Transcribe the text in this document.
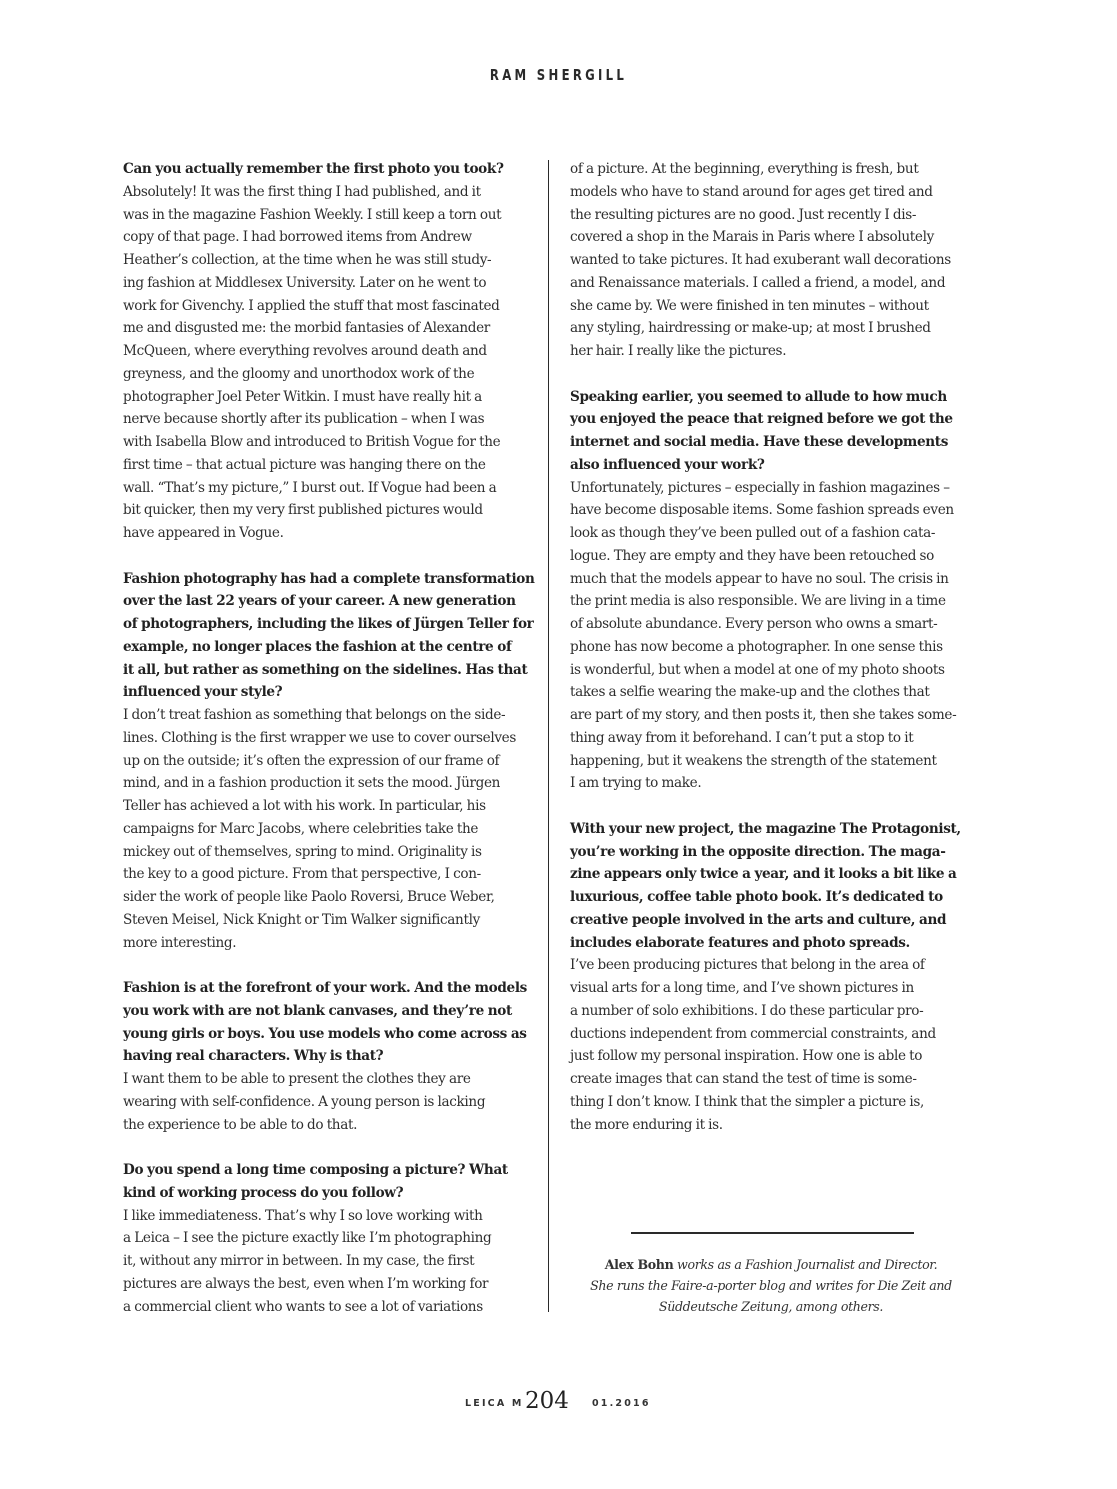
RAM SHERGILL
Can you actually remember the first photo you took?
Absolutely! It was the first thing I had published, and it
was in the magazine Fashion Weekly. I still keep a torn out
copy of that page. I had borrowed items from Andrew
Heather’s collection, at the time when he was still study-
ing fashion at Middlesex University. Later on he went to
work for Givenchy. I applied the stuff that most fascinated
me and disgusted me: the morbid fantasies of Alexander
McQueen, where everything revolves around death and
greyness, and the gloomy and unorthodox work of the
photographer Joel Peter Witkin. I must have really hit a
nerve because shortly after its publication – when I was
with Isabella Blow and introduced to British Vogue for the
first time – that actual picture was hanging there on the
wall. “That’s my picture,” I burst out. If Vogue had been a
bit quicker, then my very first published pictures would
have appeared in Vogue.
Fashion photography has had a complete transformation
over the last 22 years of your career. A new generation
of photographers, including the likes of Jürgen Teller for
example, no longer places the fashion at the centre of
it all, but rather as something on the sidelines. Has that
influenced your style?
I don’t treat fashion as something that belongs on the side-
lines. Clothing is the first wrapper we use to cover ourselves
up on the outside; it’s often the expression of our frame of
mind, and in a fashion production it sets the mood. Jürgen
Teller has achieved a lot with his work. In particular, his
campaigns for Marc Jacobs, where celebrities take the
mickey out of themselves, spring to mind. Originality is
the key to a good picture. From that perspective, I con-
sider the work of people like Paolo Roversi, Bruce Weber,
Steven Meisel, Nick Knight or Tim Walker significantly
more interesting.
Fashion is at the forefront of your work. And the models
you work with are not blank canvases, and they’re not
young girls or boys. You use models who come across as
having real characters. Why is that?
I want them to be able to present the clothes they are
wearing with self-confidence. A young person is lacking
the experience to be able to do that.
Do you spend a long time composing a picture? What
kind of working process do you follow?
I like immediateness. That’s why I so love working with
a Leica – I see the picture exactly like I’m photographing
it, without any mirror in between. In my case, the first
pictures are always the best, even when I’m working for
a commercial client who wants to see a lot of variations
of a picture. At the beginning, everything is fresh, but
models who have to stand around for ages get tired and
the resulting pictures are no good. Just recently I dis-
covered a shop in the Marais in Paris where I absolutely
wanted to take pictures. It had exuberant wall decorations
and Renaissance materials. I called a friend, a model, and
she came by. We were finished in ten minutes – without
any styling, hairdressing or make-up; at most I brushed
her hair. I really like the pictures.
Speaking earlier, you seemed to allude to how much
you enjoyed the peace that reigned before we got the
internet and social media. Have these developments
also influenced your work?
Unfortunately, pictures – especially in fashion magazines –
have become disposable items. Some fashion spreads even
look as though they’ve been pulled out of a fashion cata-
logue. They are empty and they have been retouched so
much that the models appear to have no soul. The crisis in
the print media is also responsible. We are living in a time
of absolute abundance. Every person who owns a smart-
phone has now become a photographer. In one sense this
is wonderful, but when a model at one of my photo shoots
takes a selfie wearing the make-up and the clothes that
are part of my story, and then posts it, then she takes some-
thing away from it beforehand. I can’t put a stop to it
happening, but it weakens the strength of the statement
I am trying to make.
With your new project, the magazine The Protagonist,
you’re working in the opposite direction. The maga-
zine appears only twice a year, and it looks a bit like a
luxurious, coffee table photo book. It’s dedicated to
creative people involved in the arts and culture, and
includes elaborate features and photo spreads.
I’ve been producing pictures that belong in the area of
visual arts for a long time, and I’ve shown pictures in
a number of solo exhibitions. I do these particular pro-
ductions independent from commercial constraints, and
just follow my personal inspiration. How one is able to
create images that can stand the test of time is some-
thing I don’t know. I think that the simpler a picture is,
the more enduring it is.
Alex Bohn works as a Fashion Journalist and Director.
She runs the Faire-a-porter blog and writes for Die Zeit and
Süddeutsche Zeitung, among others.
LEICA M 204 01.2016
